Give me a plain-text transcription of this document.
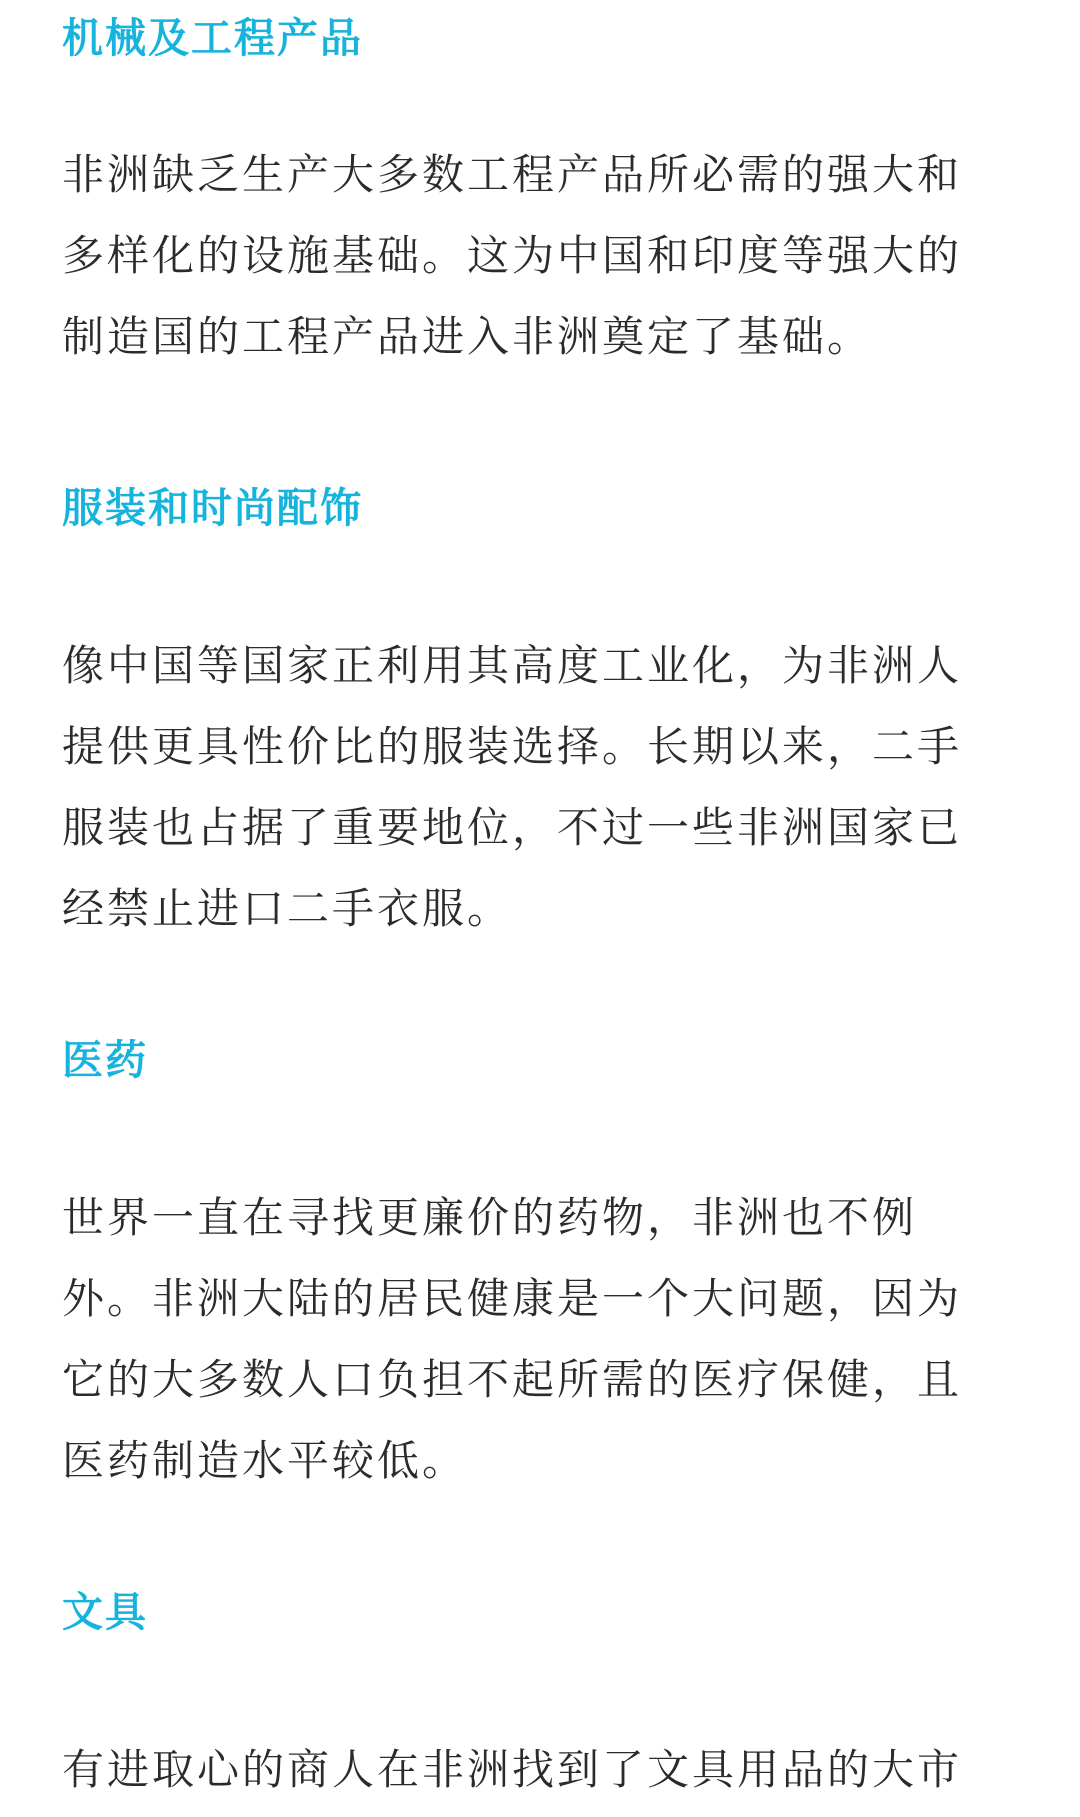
机械及工程产品

非洲缺乏生产大多数工程产品所必需的强大和
多样化的设施基础。这为中国和印度等强大的
制造国的工程产品进入非洲奠定了基础。

服装和时尚配饰

像中国等国家正利用其高度工业化，为非洲人
提供更具性价比的服装选择。长期以来，二手
服装也占据了重要地位，不过一些非洲国家已
经禁止进口二手衣服。

医药

世界一直在寻找更廉价的药物，非洲也不例
外。非洲大陆的居民健康是一个大问题，因为
它的大多数人口负担不起所需的医疗保健，且
医药制造水平较低。

文具

有进取心的商人在非洲找到了文具用品的大市
